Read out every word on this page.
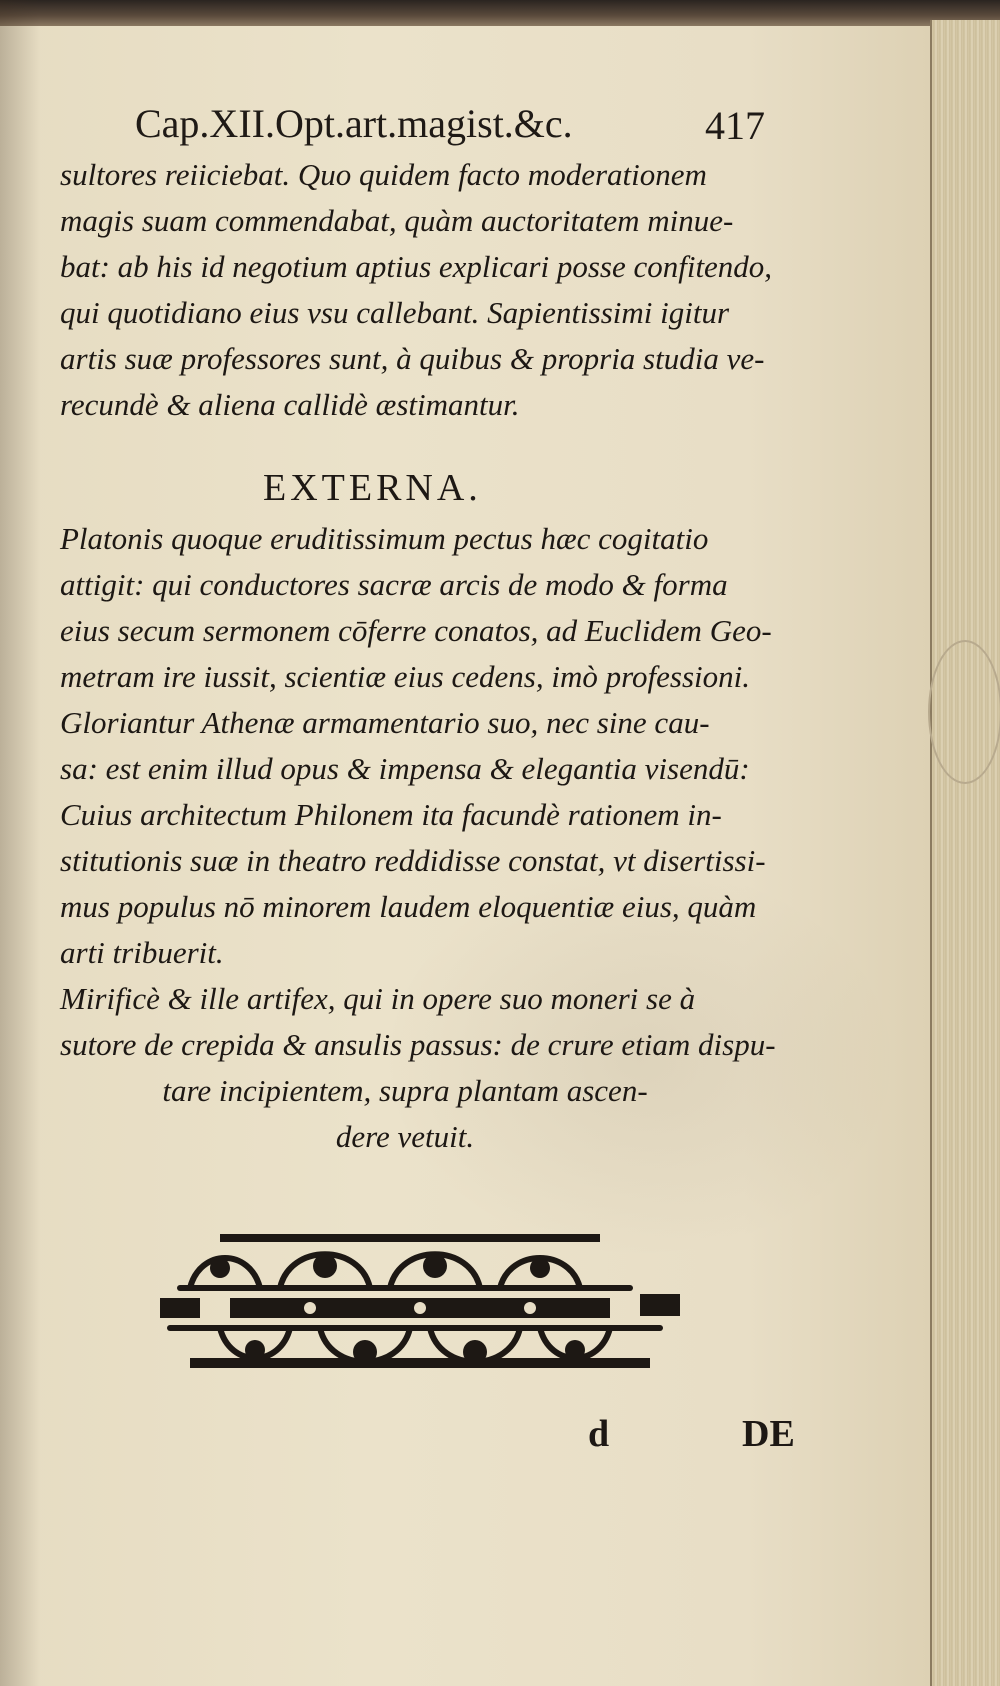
Cap.XII.Opt.art.magist.&c.	417
sultores reiiciebat. Quo quidem facto moderationem
magis suam commendabat, quàm auctoritatem minue-
bat: ab his id negotium aptius explicari posse confitendo,
qui quotidiano eius vsu callebant. Sapientissimi igitur
artis suæ professores sunt, à quibus & propria studia ve-
recundè & aliena callidè æstimantur.
EXTERNA.
Platonis quoque eruditissimum pectus hæc cogitatio
attigit: qui conductores sacræ arcis de modo & forma
eius secum sermonem cōferre conatos, ad Euclidem Geo-
metram ire iussit, scientiæ eius cedens, imò professioni.
Gloriantur Athenæ armamentario suo, nec sine cau-
sa: est enim illud opus & impensa & elegantia visendū:
Cuius architectum Philonem ita facundè rationem in-
stitutionis suæ in theatro reddidisse constat, vt disertissi-
mus populus nō minorem laudem eloquentiæ eius, quàm
arti tribuerit.
Mirificè & ille artifex, qui in opere suo moneri se à
sutore de crepida & ansulis passus: de crure etiam dispu-
tare incipientem, supra plantam ascen-
dere vetuit.
d	DE
